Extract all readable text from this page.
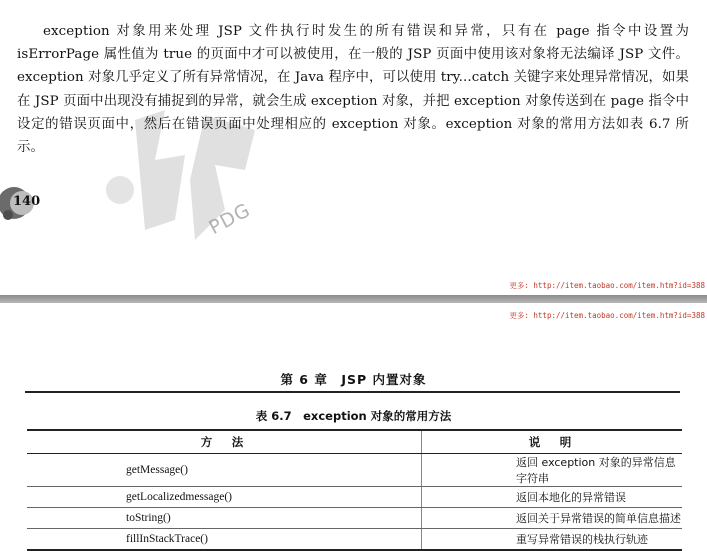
PDG

exception 对象用来处理 JSP 文件执行时发生的所有错误和异常，只有在 page 指令中设置为 isErrorPage 属性值为 true 的页面中才可以被使用，在一般的 JSP 页面中使用该对象将无法编译 JSP 文件。exception 对象几乎定义了所有异常情况，在 Java 程序中，可以使用 try...catch 关键字来处理异常情况，如果在 JSP 页面中出现没有捕捉到的异常，就会生成 exception 对象，并把 exception 对象传送到在 page 指令中设定的错误页面中，然后在错误页面中处理相应的 exception 对象。exception 对象的常用方法如表 6.7 所示。

140
更多: http://item.taobao.com/item.htm?id=388
更多: http://item.taobao.com/item.htm?id=388
第 6 章　JSP 内置对象
表 6.7　exception 对象的常用方法
方　法	说　明
getMessage()	返回 exception 对象的异常信息字符串
getLocalizedmessage()	返回本地化的异常错误
toString()	返回关于异常错误的简单信息描述
fillInStackTrace()	重写异常错误的栈执行轨迹
